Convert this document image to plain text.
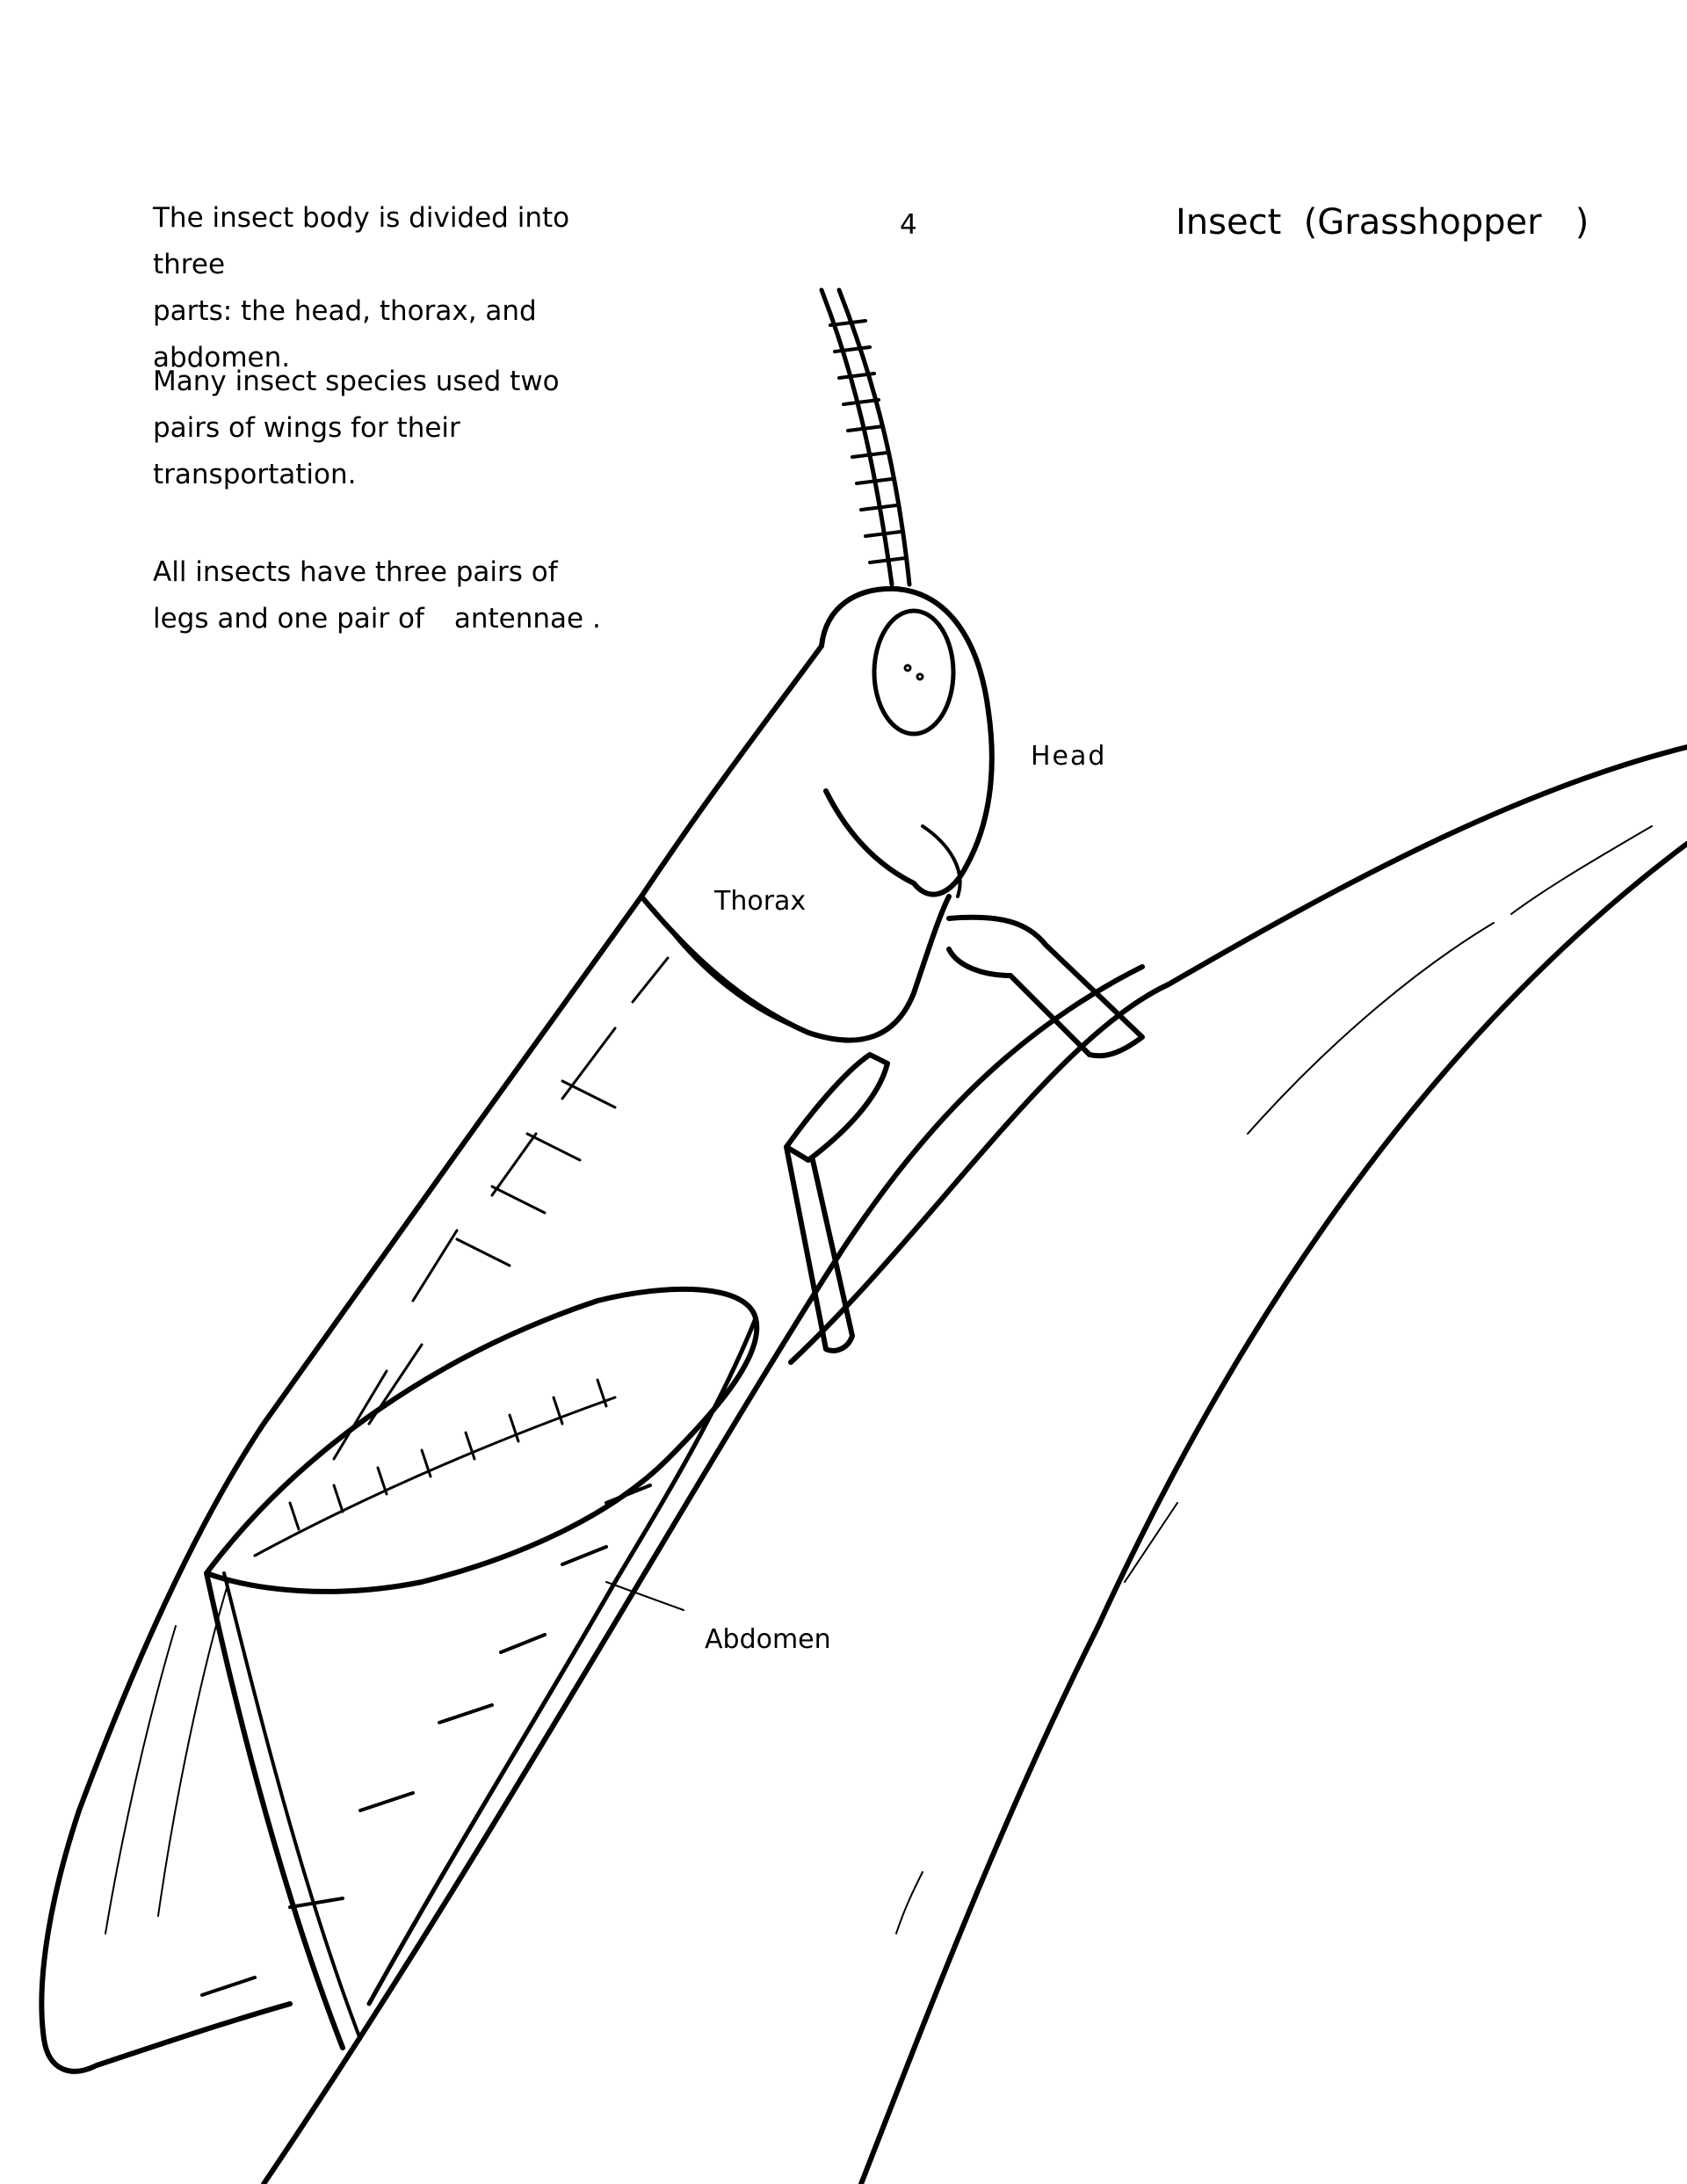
The insect body is divided into three
parts: the head, thorax, and
abdomen.
Many insect species used two
pairs of wings for their
transportation.
All insects have three pairs of
legs and one pair of antennae .
4	Insect  (Grasshopper   )
Head
Thorax
Abdomen
